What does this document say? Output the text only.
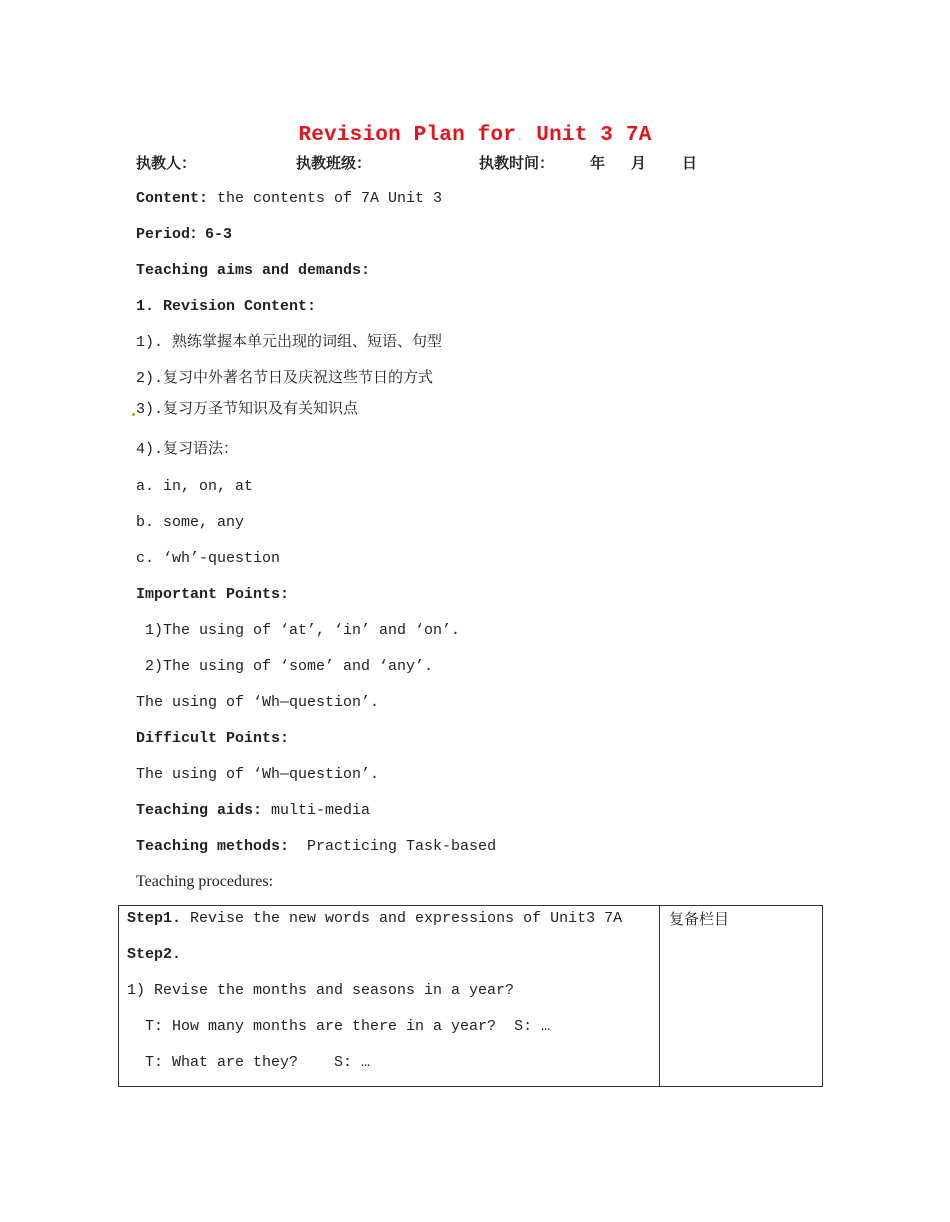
Revision Plan for. Unit 3 7A
执教人：	执教班级：	执教时间： 年 月 日
Content: the contents of 7A Unit 3
Period：6-3
Teaching aims and demands:
1. Revision Content:
1). 熟练掌握本单元出现的词组、短语、句型
2).复习中外著名节日及庆祝这些节日的方式
3).复习万圣节知识及有关知识点
4).复习语法：
a. in, on, at
b. some, any
c. ‘wh’-question
Important Points:
1)The using of ‘at’, ‘in’ and ‘on’.
2)The using of ‘some’ and ‘any’.
The using of ‘Wh—question’.
Difficult Points:
The using of ‘Wh—question’.
Teaching aids: multi-media
Teaching methods:  Practicing Task-based
Teaching procedures:
Step1. Revise the new words and expressions of Unit3 7A
Step2.
1) Revise the months and seasons in a year?
T: How many months are there in a year?  S: …
T: What are they?    S: …
复备栏目
